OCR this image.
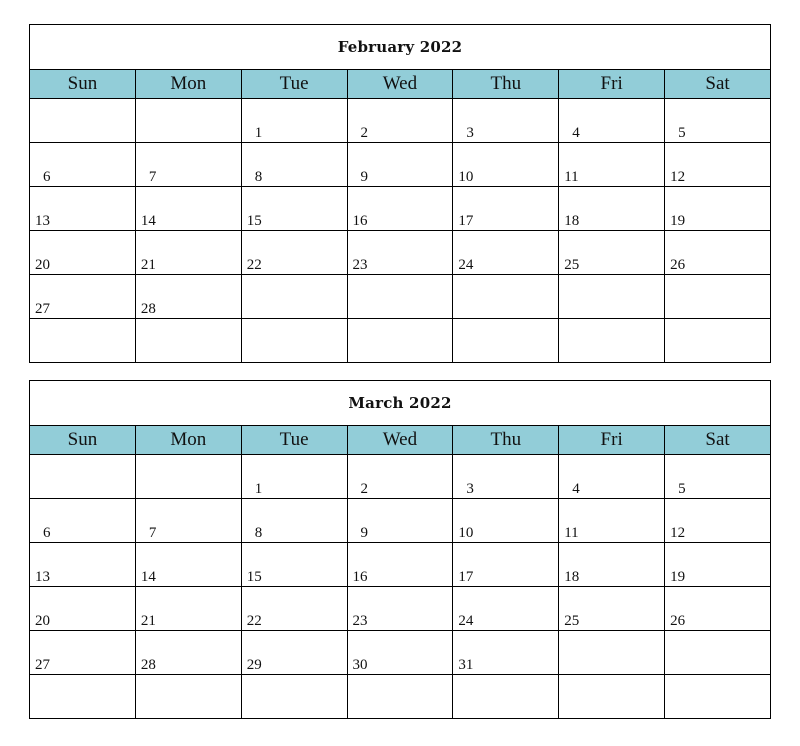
February 2022						
Sun	Mon	Tue	Wed	Thu	Fri	Sat

		1	2	3	4	5

6	7	8	9	10	11	12

13	14	15	16	17	18	19

20	21	22	23	24	25	26

27	28					

March 2022						
Sun	Mon	Tue	Wed	Thu	Fri	Sat

		1	2	3	4	5

6	7	8	9	10	11	12

13	14	15	16	17	18	19

20	21	22	23	24	25	26

27	28	29	30	31		
